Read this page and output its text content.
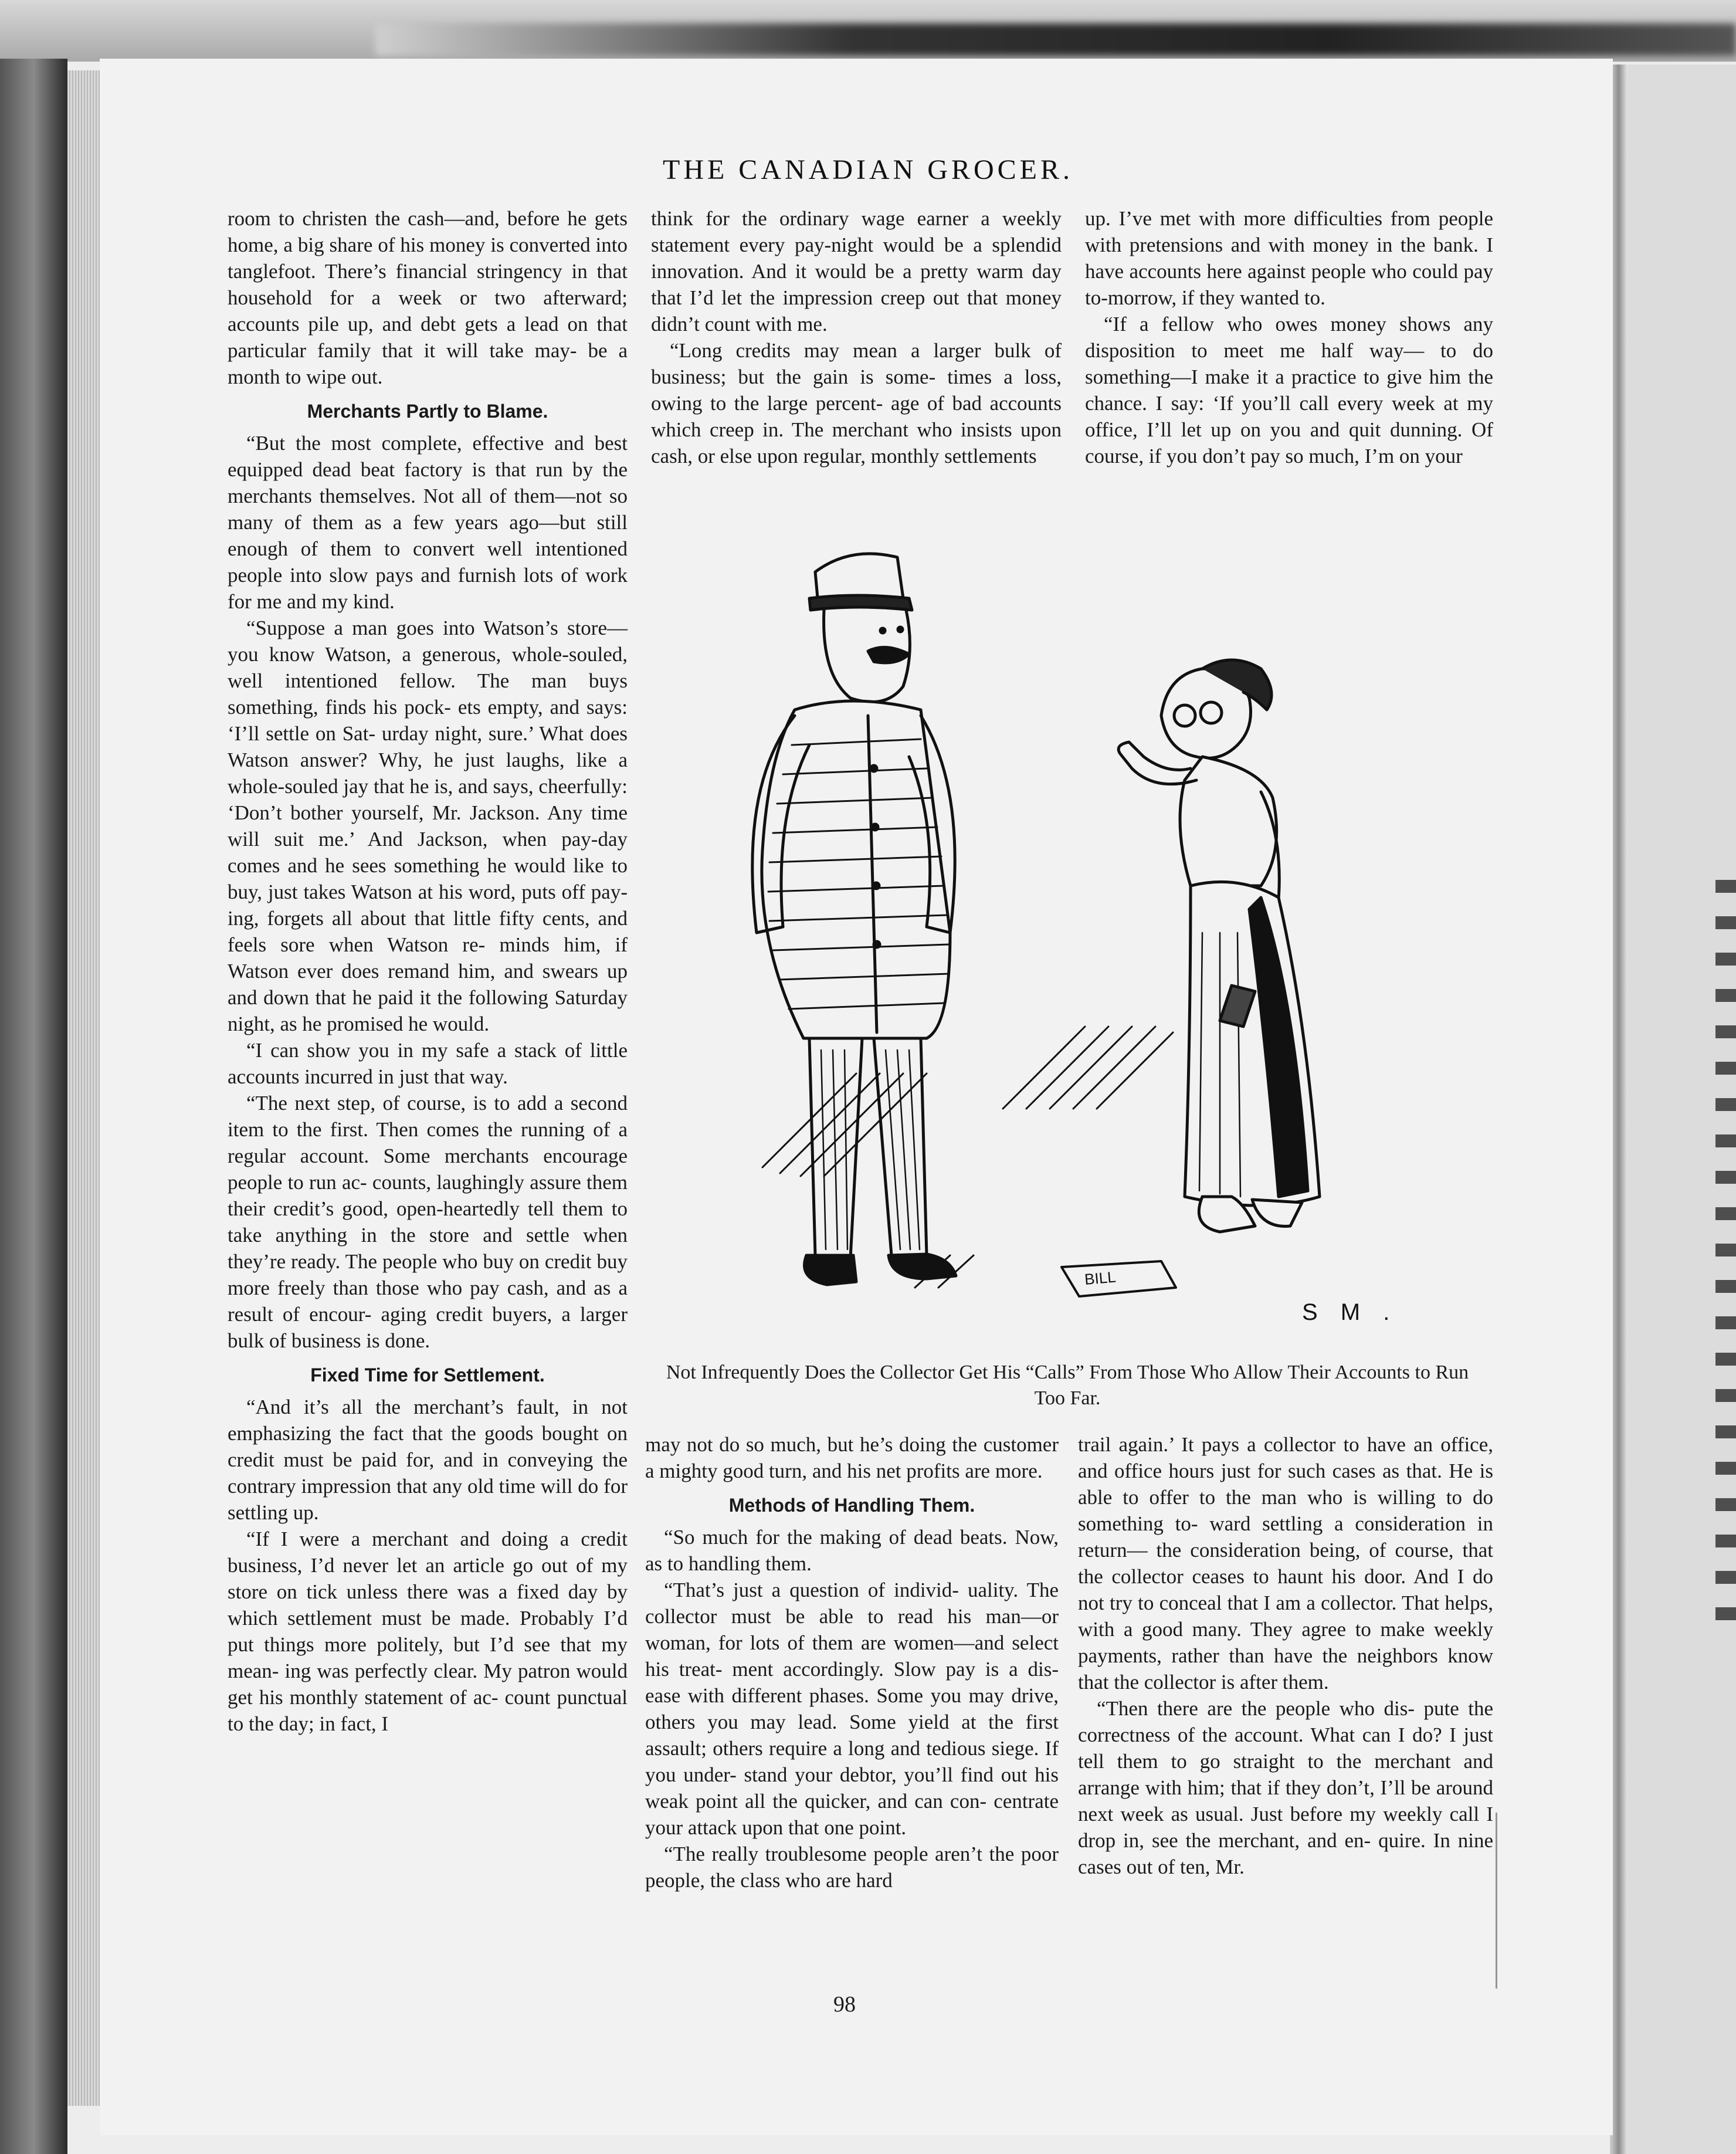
THE CANADIAN GROCER.

room to christen the cash—and, before he gets home, a big share of his money is converted into tanglefoot. There’s financial stringency in that household for a week or two afterward; accounts pile up, and debt gets a lead on that particular family that it will take may- be a month to wipe out.

Merchants Partly to Blame.

“But the most complete, effective and best equipped dead beat factory is that run by the merchants themselves. Not all of them—not so many of them as a few years ago—but still enough of them to convert well intentioned people into slow pays and furnish lots of work for me and my kind.

“Suppose a man goes into Watson’s store—you know Watson, a generous, whole-souled, well intentioned fellow. The man buys something, finds his pock- ets empty, and says: ‘I’ll settle on Sat- urday night, sure.’ What does Watson answer? Why, he just laughs, like a whole-souled jay that he is, and says, cheerfully: ‘Don’t bother yourself, Mr. Jackson. Any time will suit me.’ And Jackson, when pay-day comes and he sees something he would like to buy, just takes Watson at his word, puts off pay- ing, forgets all about that little fifty cents, and feels sore when Watson re- minds him, if Watson ever does remand him, and swears up and down that he paid it the following Saturday night, as he promised he would.

“I can show you in my safe a stack of little accounts incurred in just that way.

“The next step, of course, is to add a second item to the first. Then comes the running of a regular account. Some merchants encourage people to run ac- counts, laughingly assure them their credit’s good, open-heartedly tell them to take anything in the store and settle when they’re ready. The people who buy on credit buy more freely than those who pay cash, and as a result of encour- aging credit buyers, a larger bulk of business is done.

Fixed Time for Settlement.

“And it’s all the merchant’s fault, in not emphasizing the fact that the goods bought on credit must be paid for, and in conveying the contrary impression that any old time will do for settling up.

“If I were a merchant and doing a credit business, I’d never let an article go out of my store on tick unless there was a fixed day by which settlement must be made. Probably I’d put things more politely, but I’d see that my mean- ing was perfectly clear. My patron would get his monthly statement of ac- count punctual to the day; in fact, I

think for the ordinary wage earner a weekly statement every pay-night would be a splendid innovation. And it would be a pretty warm day that I’d let the impression creep out that money didn’t count with me.

“Long credits may mean a larger bulk of business; but the gain is some- times a loss, owing to the large percent- age of bad accounts which creep in. The merchant who insists upon cash, or else upon regular, monthly settlements

up. I’ve met with more difficulties from people with pretensions and with money in the bank. I have accounts here against people who could pay to-morrow, if they wanted to.

“If a fellow who owes money shows any disposition to meet me half way— to do something—I make it a practice to give him the chance. I say: ‘If you’ll call every week at my office, I’ll let up on you and quit dunning. Of course, if you don’t pay so much, I’m on your

BILL
S M .
Not Infrequently Does the Collector Get His “Calls” From Those Who Allow Their Accounts to Run Too Far.

may not do so much, but he’s doing the customer a mighty good turn, and his net profits are more.

Methods of Handling Them.

“So much for the making of dead beats. Now, as to handling them.

“That’s just a question of individ- uality. The collector must be able to read his man—or woman, for lots of them are women—and select his treat- ment accordingly. Slow pay is a dis- ease with different phases. Some you may drive, others you may lead. Some yield at the first assault; others require a long and tedious siege. If you under- stand your debtor, you’ll find out his weak point all the quicker, and can con- centrate your attack upon that one point.

“The really troublesome people aren’t the poor people, the class who are hard

trail again.’ It pays a collector to have an office, and office hours just for such cases as that. He is able to offer to the man who is willing to do something to- ward settling a consideration in return— the consideration being, of course, that the collector ceases to haunt his door. And I do not try to conceal that I am a collector. That helps, with a good many. They agree to make weekly payments, rather than have the neighbors know that the collector is after them.

“Then there are the people who dis- pute the correctness of the account. What can I do? I just tell them to go straight to the merchant and arrange with him; that if they don’t, I’ll be around next week as usual. Just before my weekly call I drop in, see the merchant, and en- quire. In nine cases out of ten, Mr.

98
